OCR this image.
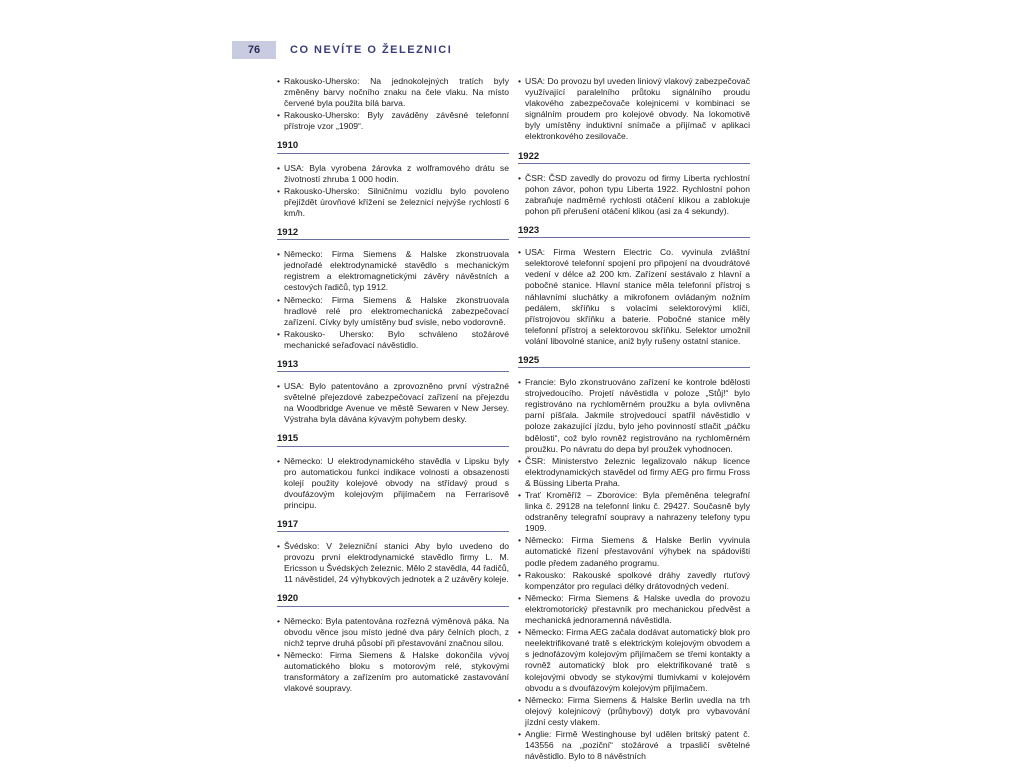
76	CO NEVÍTE O ŽELEZNICI

• Rakousko-Uhersko: Na jednokolejných tratích byly změněny barvy nočního znaku na čele vlaku. Na místo červené byla použita bílá barva.

• Rakousko-Uhersko: Byly zaváděny závěsné telefonní přístroje vzor „1909“.

1910

• USA: Byla vyrobena žárovka z wolframového drátu se životností zhruba 1 000 hodin.

• Rakousko-Uhersko: Silničnímu vozidlu bylo povoleno přejíždět úrovňové křížení se železnicí nejvýše rychlostí 6 km/h.

1912

• Německo: Firma Siemens & Halske zkonstruovala jednořadé elektrodynamické stavědlo s mechanickým registrem a elektromagnetickými závěry návěstních a cestových řadičů, typ 1912.

• Německo: Firma Siemens & Halske zkonstruovala hradlové relé pro elektromechanická zabezpečovací zařízení. Cívky byly umístěny buď svisle, nebo vodorovně.

• Rakousko- Uhersko: Bylo schváleno stožárové mechanické seřaďovací návěstidlo.

1913

• USA: Bylo patentováno a zprovozněno první výstražné světelné přejezdové zabezpečovací zařízení na přejezdu na Woodbridge Avenue ve městě Sewaren v New Jersey. Výstraha byla dávána kývavým pohybem desky.

1915

• Německo: U elektrodynamického stavědla v Lipsku byly pro automatickou funkci indikace volnosti a obsazenosti kolejí použity kolejové obvody na střídavý proud s dvoufázovým kolejovým přijímačem na Ferrarisově principu.

1917

• Švédsko: V železniční stanici Aby bylo uvedeno do provozu první elektrodynamické stavědlo firmy L. M. Ericsson u Švédských železnic. Mělo 2 stavědla, 44 řadičů, 11 návěstidel, 24 výhybkových jednotek a 2 uzávěry koleje.

1920

• Německo: Byla patentována rozřezná výměnová páka. Na obvodu věnce jsou místo jedné dva páry čelních ploch, z nichž teprve druhá působí při přestavování značnou silou.

• Německo: Firma Siemens & Halske dokončila vývoj automatického bloku s motorovým relé, stykovými transformátory a zařízením pro automatické zastavování vlakové soupravy.

• USA: Do provozu byl uveden liniový vlakový zabezpečovač využívající paralelního průtoku signálního proudu vlakového zabezpečovače kolejnicemi v kombinaci se signálním proudem pro kolejové obvody. Na lokomotivě byly umístěny induktivní snímače a přijímač v aplikaci elektronkového zesilovače.

1922

• ČSR: ČSD zavedly do provozu od firmy Liberta rychlostní pohon závor, pohon typu Liberta 1922. Rychlostní pohon zabraňuje nadměrné rychlosti otáčení klikou a zablokuje pohon při přerušení otáčení klikou (asi za 4 sekundy).

1923

• USA: Firma Western Electric Co. vyvinula zvláštní selektorové telefonní spojení pro připojení na dvoudrátové vedení v délce až 200 km. Zařízení sestávalo z hlavní a pobočné stanice. Hlavní stanice měla telefonní přístroj s náhlavními sluchátky a mikrofonem ovládaným nožním pedálem, skříňku s volacími selektorovými klíči, přístrojovou skříňku a baterie. Pobočné stanice měly telefonní přístroj a selektorovou skříňku. Selektor umožnil volání libovolné stanice, aniž byly rušeny ostatní stanice.

1925

• Francie: Bylo zkonstruováno zařízení ke kontrole bdělosti strojvedoucího. Projetí návěstidla v poloze „Stůj!“ bylo registrováno na rychloměrném proužku a byla ovlivněna parní píšťala. Jakmile strojvedoucí spatřil návěstidlo v poloze zakazující jízdu, bylo jeho povinností stlačit „páčku bdělosti“, což bylo rovněž registrováno na rychloměrném proužku. Po návratu do depa byl proužek vyhodnocen.

• ČSR: Ministerstvo železnic legalizovalo nákup licence elektrodynamických stavědel od firmy AEG pro firmu Fross & Büssing Liberta Praha.

• Trať Kroměříž – Zborovice: Byla přeměněna telegrafní linka č. 29128 na telefonní linku č. 29427. Současně byly odstraněny telegrafní soupravy a nahrazeny telefony typu 1909.

• Německo: Firma Siemens & Halske Berlin vyvinula automatické řízení přestavování výhybek na spádovišti podle předem zadaného programu.

• Rakousko: Rakouské spolkové dráhy zavedly rtuťový kompenzátor pro regulaci délky drátovodných vedení.

• Německo: Firma Siemens & Halske uvedla do provozu elektromotorický přestavník pro mechanickou předvěst a mechanická jednoramenná návěstidla.

• Německo: Firma AEG začala dodávat automatický blok pro neelektrifikované tratě s elektrickým kolejovým obvodem a s jednofázovým kolejovým přijímačem se třemi kontakty a rovněž automatický blok pro elektrifikované tratě s kolejovými obvody se stykovými tlumivkami v kolejovém obvodu a s dvoufázovým kolejovým přijímačem.

• Německo: Firma Siemens & Halske Berlin uvedla na trh olejový kolejnicový (průhybový) dotyk pro vybavování jízdní cesty vlakem.

• Anglie: Firmě Westinghouse byl udělen britský patent č. 143556 na „poziční“ stožárové a trpasličí světelné návěstidlo. Bylo to 8 návěstních
